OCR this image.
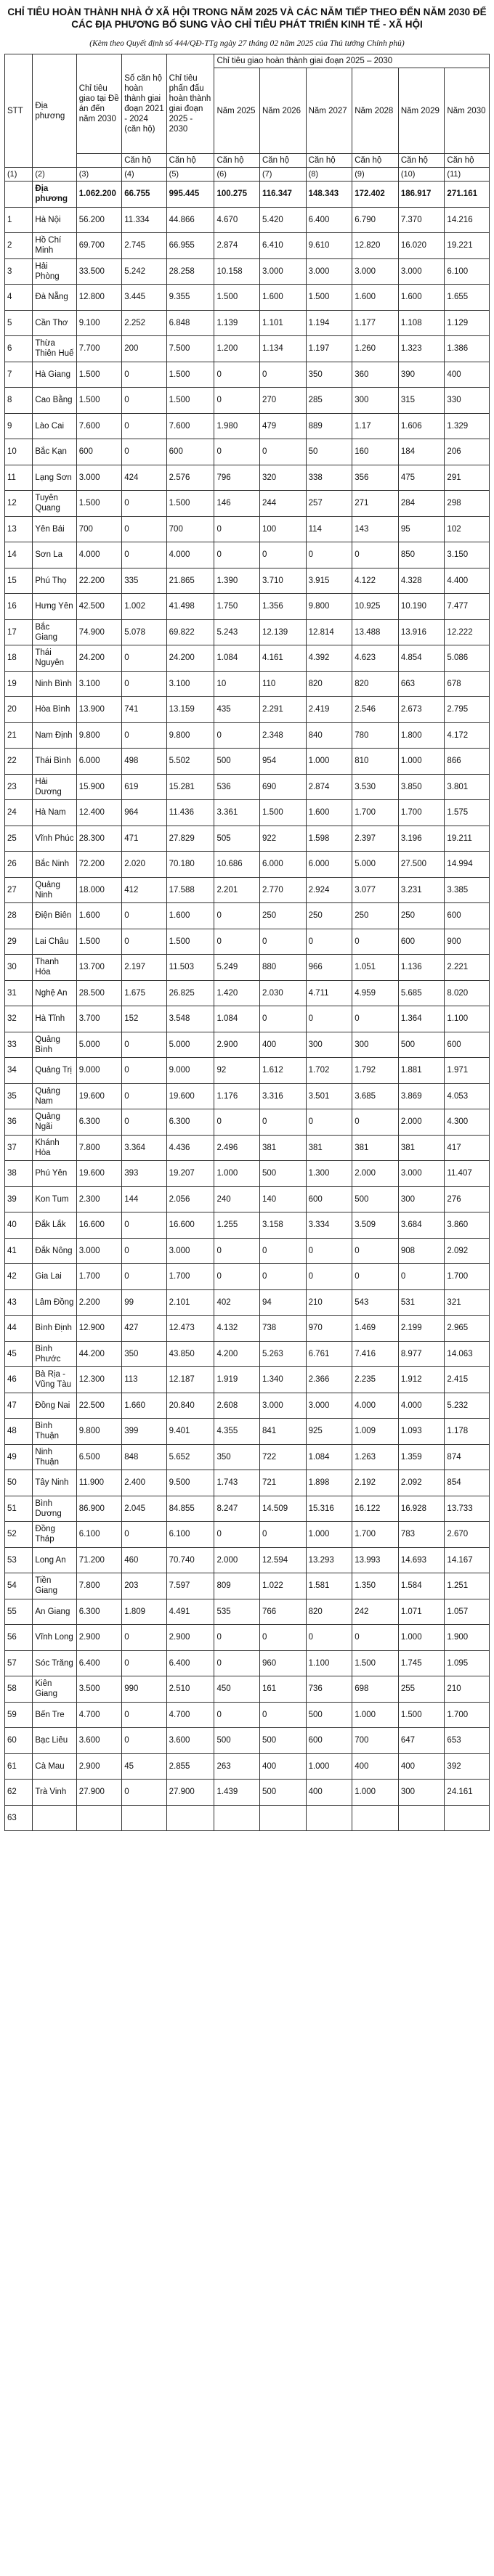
CHỈ TIÊU HOÀN THÀNH NHÀ Ở XÃ HỘI TRONG NĂM 2025 VÀ CÁC NĂM TIẾP THEO ĐẾN NĂM 2030 ĐỂ CÁC ĐỊA PHƯƠNG BỔ SUNG VÀO CHỈ TIÊU PHÁT TRIỂN KINH TẾ - XÃ HỘI
(Kèm theo Quyết định số 444/QĐ-TTg ngày 27 tháng 02 năm 2025 của Thủ tướng Chính phủ)
STT	Địa phương	Chỉ tiêu giao tại Đề án đến năm 2030	Số căn hộ hoàn thành giai đoạn 2021 - 2024 (căn hộ)	Chỉ tiêu phấn đấu hoàn thành giai đoạn 2025 - 2030	Chỉ tiêu giao hoàn thành giai đoạn 2025 – 2030					
					Năm 2025	Năm 2026	Năm 2027	Năm 2028	Năm 2029	Năm 2030
			Căn hộ	Căn hộ	Căn hộ	Căn hộ	Căn hộ	Căn hộ	Căn hộ	Căn hộ
(1)	(2)	(3)	(4)	(5)	(6)	(7)	(8)	(9)	(10)	(11)
	Địa phương	1.062.200	66.755	995.445	100.275	116.347	148.343	172.402	186.917	271.161
1	Hà Nội	56.200	11.334	44.866	4.670	5.420	6.400	6.790	7.370	14.216
2	Hồ Chí Minh	69.700	2.745	66.955	2.874	6.410	9.610	12.820	16.020	19.221
3	Hải Phòng	33.500	5.242	28.258	10.158	3.000	3.000	3.000	3.000	6.100
4	Đà Nẵng	12.800	3.445	9.355	1.500	1.600	1.500	1.600	1.600	1.655
5	Cần Thơ	9.100	2.252	6.848	1.139	1.101	1.194	1.177	1.108	1.129
6	Thừa Thiên Huế	7.700	200	7.500	1.200	1.134	1.197	1.260	1.323	1.386
7	Hà Giang	1.500	0	1.500	0	0	350	360	390	400
8	Cao Bằng	1.500	0	1.500	0	270	285	300	315	330
9	Lào Cai	7.600	0	7.600	1.980	479	889	1.17	1.606	1.329
10	Bắc Kạn	600	0	600	0	0	50	160	184	206
11	Lạng Sơn	3.000	424	2.576	796	320	338	356	475	291
12	Tuyên Quang	1.500	0	1.500	146	244	257	271	284	298
13	Yên Bái	700	0	700	0	100	114	143	95	102
14	Sơn La	4.000	0	4.000	0	0	0	0	850	3.150
15	Phú Thọ	22.200	335	21.865	1.390	3.710	3.915	4.122	4.328	4.400
16	Hưng Yên	42.500	1.002	41.498	1.750	1.356	9.800	10.925	10.190	7.477
17	Bắc Giang	74.900	5.078	69.822	5.243	12.139	12.814	13.488	13.916	12.222
18	Thái Nguyên	24.200	0	24.200	1.084	4.161	4.392	4.623	4.854	5.086
19	Ninh Bình	3.100	0	3.100	10	110	820	820	663	678
20	Hòa Bình	13.900	741	13.159	435	2.291	2.419	2.546	2.673	2.795
21	Nam Định	9.800	0	9.800	0	2.348	840	780	1.800	4.172
22	Thái Bình	6.000	498	5.502	500	954	1.000	810	1.000	866
23	Hải Dương	15.900	619	15.281	536	690	2.874	3.530	3.850	3.801
24	Hà Nam	12.400	964	11.436	3.361	1.500	1.600	1.700	1.700	1.575
25	Vĩnh Phúc	28.300	471	27.829	505	922	1.598	2.397	3.196	19.211
26	Bắc Ninh	72.200	2.020	70.180	10.686	6.000	6.000	5.000	27.500	14.994
27	Quảng Ninh	18.000	412	17.588	2.201	2.770	2.924	3.077	3.231	3.385
28	Điện Biên	1.600	0	1.600	0	250	250	250	250	600
29	Lai Châu	1.500	0	1.500	0	0	0	0	600	900
30	Thanh Hóa	13.700	2.197	11.503	5.249	880	966	1.051	1.136	2.221
31	Nghệ An	28.500	1.675	26.825	1.420	2.030	4.711	4.959	5.685	8.020
32	Hà Tĩnh	3.700	152	3.548	1.084	0	0	0	1.364	1.100
33	Quảng Bình	5.000	0	5.000	2.900	400	300	300	500	600
34	Quảng Trị	9.000	0	9.000	92	1.612	1.702	1.792	1.881	1.971
35	Quảng Nam	19.600	0	19.600	1.176	3.316	3.501	3.685	3.869	4.053
36	Quảng Ngãi	6.300	0	6.300	0	0	0	0	2.000	4.300
37	Khánh Hòa	7.800	3.364	4.436	2.496	381	381	381	381	417
38	Phú Yên	19.600	393	19.207	1.000	500	1.300	2.000	3.000	11.407
39	Kon Tum	2.300	144	2.056	240	140	600	500	300	276
40	Đắk Lắk	16.600	0	16.600	1.255	3.158	3.334	3.509	3.684	3.860
41	Đắk Nông	3.000	0	3.000	0	0	0	0	908	2.092
42	Gia Lai	1.700	0	1.700	0	0	0	0	0	1.700
43	Lâm Đồng	2.200	99	2.101	402	94	210	543	531	321
44	Bình Định	12.900	427	12.473	4.132	738	970	1.469	2.199	2.965
45	Bình Phước	44.200	350	43.850	4.200	5.263	6.761	7.416	8.977	14.063
46	Bà Rịa - Vũng Tàu	12.300	113	12.187	1.919	1.340	2.366	2.235	1.912	2.415
47	Đồng Nai	22.500	1.660	20.840	2.608	3.000	3.000	4.000	4.000	5.232
48	Bình Thuận	9.800	399	9.401	4.355	841	925	1.009	1.093	1.178
49	Ninh Thuận	6.500	848	5.652	350	722	1.084	1.263	1.359	874
50	Tây Ninh	11.900	2.400	9.500	1.743	721	1.898	2.192	2.092	854
51	Bình Dương	86.900	2.045	84.855	8.247	14.509	15.316	16.122	16.928	13.733
52	Đồng Tháp	6.100	0	6.100	0	0	1.000	1.700	783	2.670
53	Long An	71.200	460	70.740	2.000	12.594	13.293	13.993	14.693	14.167
54	Tiền Giang	7.800	203	7.597	809	1.022	1.581	1.350	1.584	1.251
55	An Giang	6.300	1.809	4.491	535	766	820	242	1.071	1.057
56	Vĩnh Long	2.900	0	2.900	0	0	0	0	1.000	1.900
57	Sóc Trăng	6.400	0	6.400	0	960	1.100	1.500	1.745	1.095
58	Kiên Giang	3.500	990	2.510	450	161	736	698	255	210
59	Bến Tre	4.700	0	4.700	0	0	500	1.000	1.500	1.700
60	Bạc Liêu	3.600	0	3.600	500	500	600	700	647	653
61	Cà Mau	2.900	45	2.855	263	400	1.000	400	400	392
62	Trà Vinh	27.900	0	27.900	1.439	500	400	1.000	300	24.161
63										
